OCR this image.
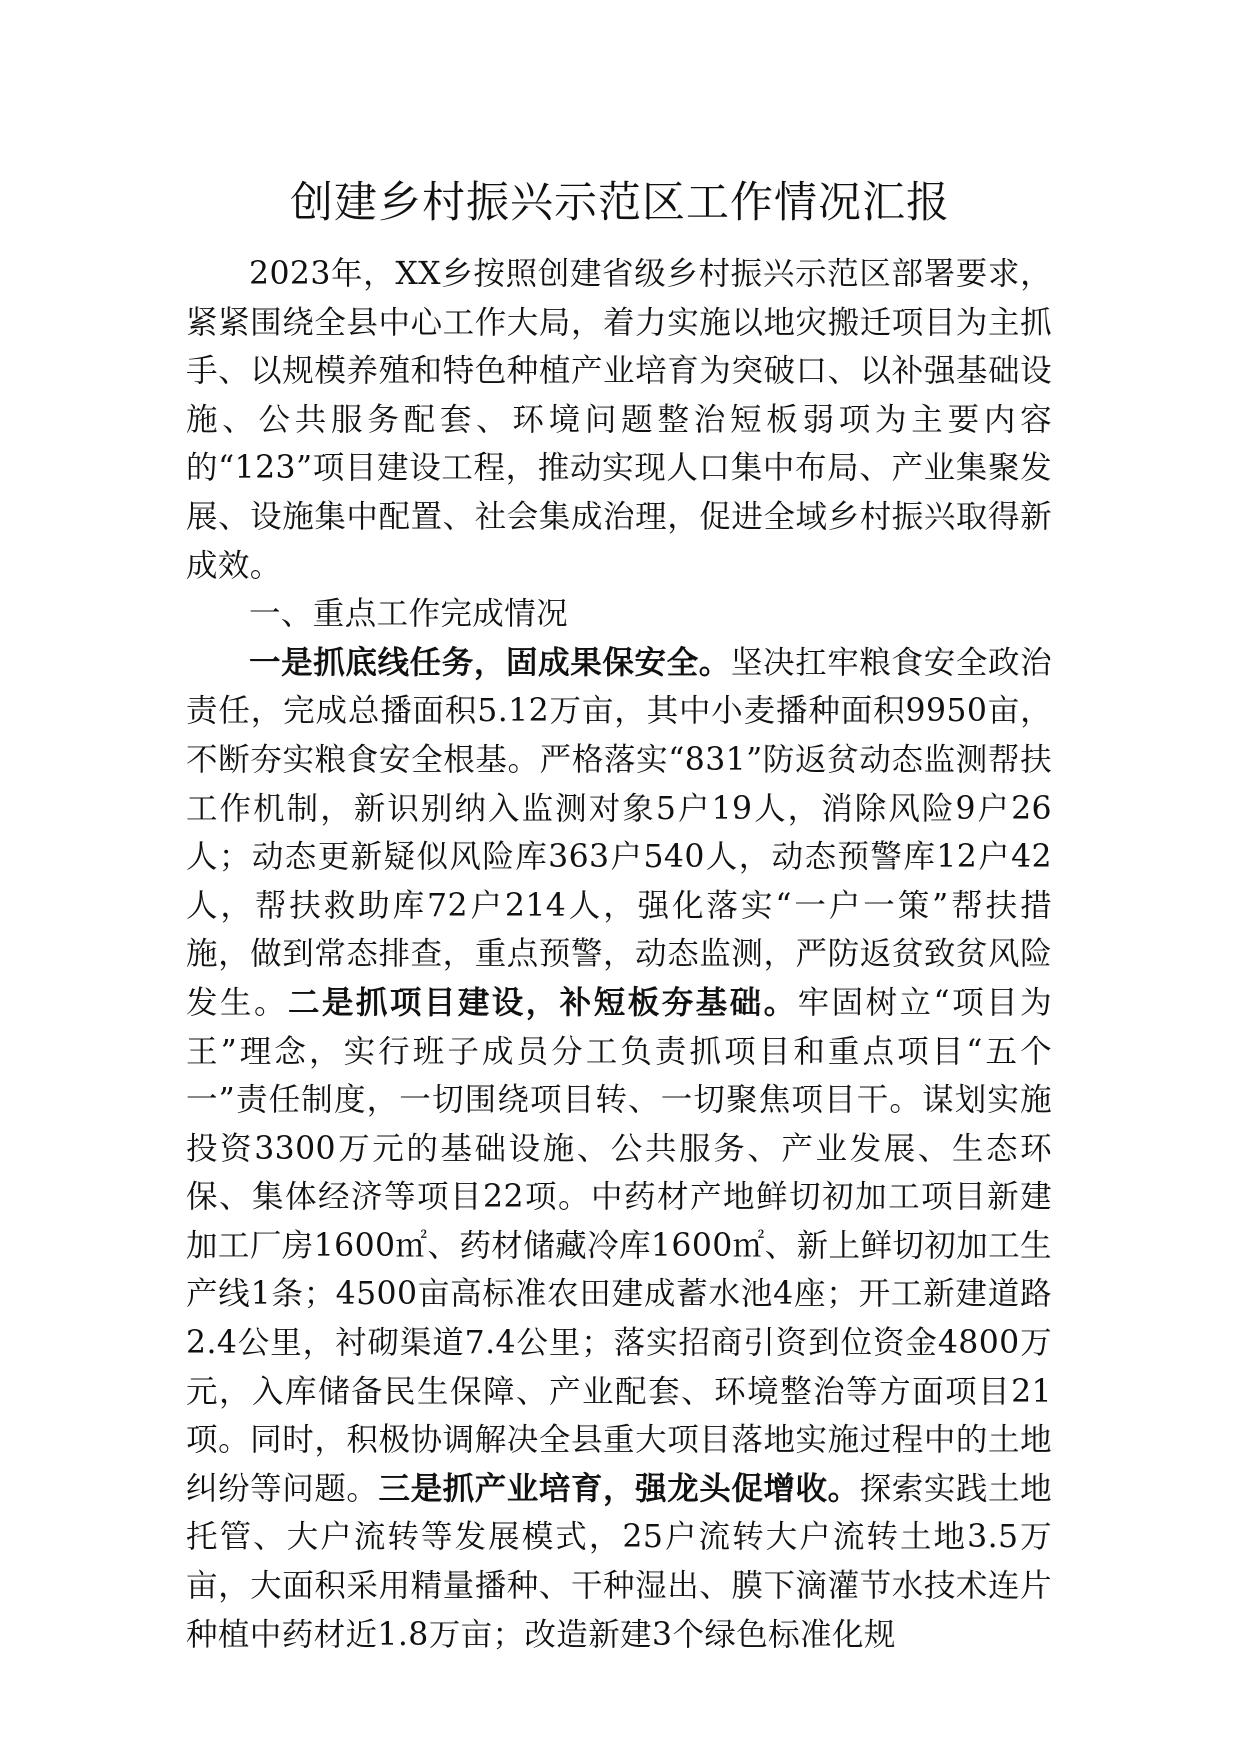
创建乡村振兴示范区工作情况汇报

2023年，XX乡按照创建省级乡村振兴示范区部署要求，紧紧围绕全县中心工作大局，着力实施以地灾搬迁项目为主抓手、以规模养殖和特色种植产业培育为突破口、以补强基础设施、公共服务配套、环境问题整治短板弱项为主要内容的“123”项目建设工程，推动实现人口集中布局、产业集聚发展、设施集中配置、社会集成治理，促进全域乡村振兴取得新成效。

一、重点工作完成情况

一是抓底线任务，固成果保安全。坚决扛牢粮食安全政治责任，完成总播面积5.12万亩，其中小麦播种面积9950亩，不断夯实粮食安全根基。严格落实“831”防返贫动态监测帮扶工作机制，新识别纳入监测对象5户19人，消除风险9户26人；动态更新疑似风险库363户540人，动态预警库12户42人，帮扶救助库72户214人，强化落实“一户一策”帮扶措施，做到常态排查，重点预警，动态监测，严防返贫致贫风险发生。二是抓项目建设，补短板夯基础。牢固树立“项目为王”理念，实行班子成员分工负责抓项目和重点项目“五个一”责任制度，一切围绕项目转、一切聚焦项目干。谋划实施投资3300万元的基础设施、公共服务、产业发展、生态环保、集体经济等项目22项。中药材产地鲜切初加工项目新建加工厂房1600㎡、药材储藏冷库1600㎡、新上鲜切初加工生产线1条；4500亩高标准农田建成蓄水池4座；开工新建道路2.4公里，衬砌渠道7.4公里；落实招商引资到位资金4800万元，入库储备民生保障、产业配套、环境整治等方面项目21项。同时，积极协调解决全县重大项目落地实施过程中的土地纠纷等问题。三是抓产业培育，强龙头促增收。探索实践土地托管、大户流转等发展模式，25户流转大户流转土地3.5万亩，大面积采用精量播种、干种湿出、膜下滴灌节水技术连片种植中药材近1.8万亩；改造新建3个绿色标准化规
